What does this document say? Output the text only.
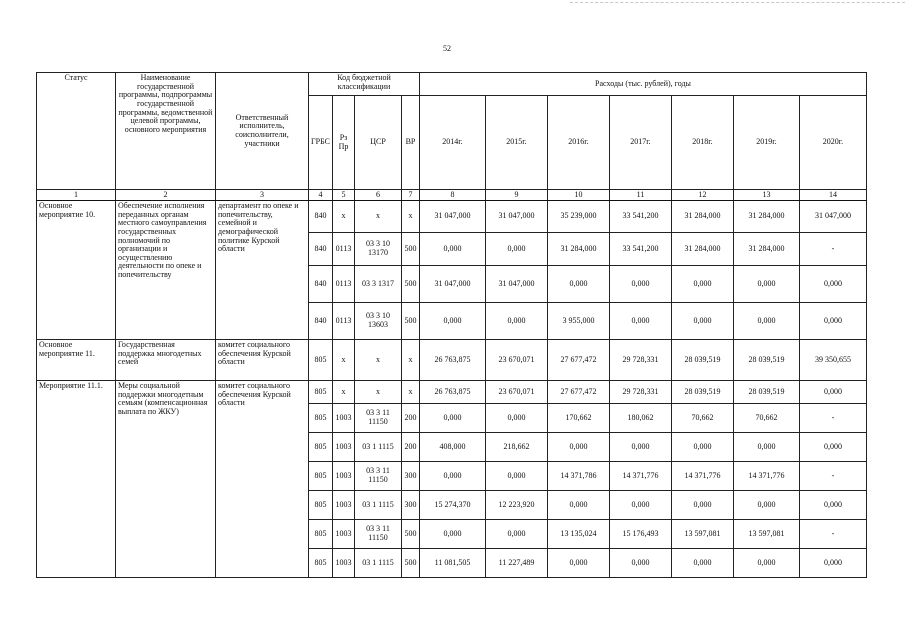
52
Статус	Наименование государственной программы, подпрограммы государственной программы, ведомственной целевой программы, основного мероприятия	Ответственный исполнитель, соисполнители, участники	Код бюджетной классификации				Расходы (тыс. рублей), годы						
			ГРБС	Рз Пр	ЦСР	ВР	2014г.	2015г.	2016г.	2017г.	2018г.	2019г.	2020г.
1	2	3	4	5	6	7	8	9	10	11	12	13	14
Основное мероприятие 10.	Обеспечение исполнения переданных органам местного самоуправления государственных полномочий по организации и осуществлению деятельности по опеке и попечительству	департамент по опеке и попечительству, семейной и демографической политике Курской области	840	х	х	х	31 047,000	31 047,000	35 239,000	33 541,200	31 284,000	31 284,000	31 047,000
			840	0113	03 3 10 13170	500	0,000	0,000	31 284,000	33 541,200	31 284,000	31 284,000	-
			840	0113	03 3 1317	500	31 047,000	31 047,000	0,000	0,000	0,000	0,000	0,000
			840	0113	03 3 10 13603	500	0,000	0,000	3 955,000	0,000	0,000	0,000	0,000
Основное мероприятие 11.	Государственная поддержка многодетных семей	комитет социального обеспечения Курской области	805	х	х	х	26 763,875	23 670,071	27 677,472	29 728,331	28 039,519	28 039,519	39 350,655
Мероприятие 11.1.	Меры социальной поддержки многодетным семьям (компенсационная выплата по ЖКУ)	комитет социального обеспечения Курской области	805	х	х	х	26 763,875	23 670,071	27 677,472	29 728,331	28 039,519	28 039,519	0,000
			805	1003	03 3 11 11150	200	0,000	0,000	170,662	180,062	70,662	70,662	-
			805	1003	03 1 1115	200	408,000	218,662	0,000	0,000	0,000	0,000	0,000
			805	1003	03 3 11 11150	300	0,000	0,000	14 371,786	14 371,776	14 371,776	14 371,776	-
			805	1003	03 1 1115	300	15 274,370	12 223,920	0,000	0,000	0,000	0,000	0,000
			805	1003	03 3 11 11150	500	0,000	0,000	13 135,024	15 176,493	13 597,081	13 597,081	-
			805	1003	03 1 1115	500	11 081,505	11 227,489	0,000	0,000	0,000	0,000	0,000
